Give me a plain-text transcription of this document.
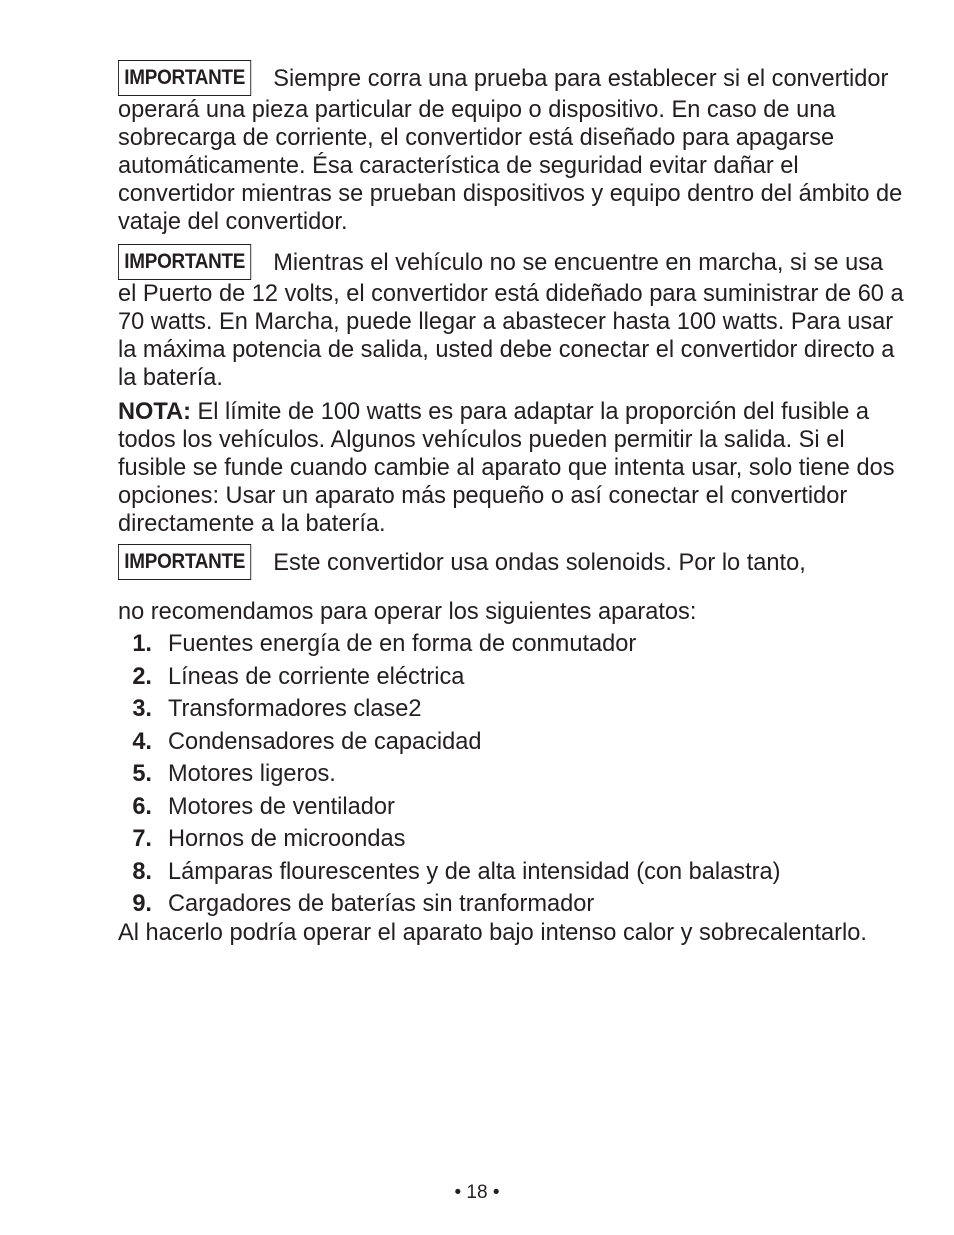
IMPORTANTE Siempre corra una prueba para establecer si el convertidor operará una pieza particular de equipo o dispositivo. En caso de una sobrecarga de corriente, el convertidor está diseñado para apagarse automáticamente. Ésa característica de seguridad evitar dañar el convertidor mientras se prueban dispositivos y equipo dentro del ámbito de vataje del convertidor.

IMPORTANTE Mientras el vehículo no se encuentre en marcha, si se usa el Puerto de 12 volts, el convertidor está dideñado para suministrar de 60 a 70 watts. En Marcha, puede llegar a abastecer hasta 100 watts. Para usar la máxima potencia de salida, usted debe conectar el convertidor directo a la batería.

NOTA: El límite de 100 watts es para adaptar la proporción del fusible a todos los vehículos. Algunos vehículos pueden permitir la salida. Si el fusible se funde cuando cambie al aparato que intenta usar, solo tiene dos opciones: Usar un aparato más pequeño o así conectar el convertidor directamente a la batería.

IMPORTANTE Este convertidor usa ondas solenoids. Por lo tanto,

no recomendamos para operar los siguientes aparatos:

1. Fuentes energía de en forma de conmutador
2. Líneas de corriente eléctrica
3. Transformadores clase2
4. Condensadores de capacidad
5. Motores ligeros.
6. Motores de ventilador
7. Hornos de microondas
8. Lámparas flourescentes y de alta intensidad (con balastra)
9. Cargadores de baterías sin tranformador

Al hacerlo podría operar el aparato bajo intenso calor y sobrecalentarlo.

• 18 •
